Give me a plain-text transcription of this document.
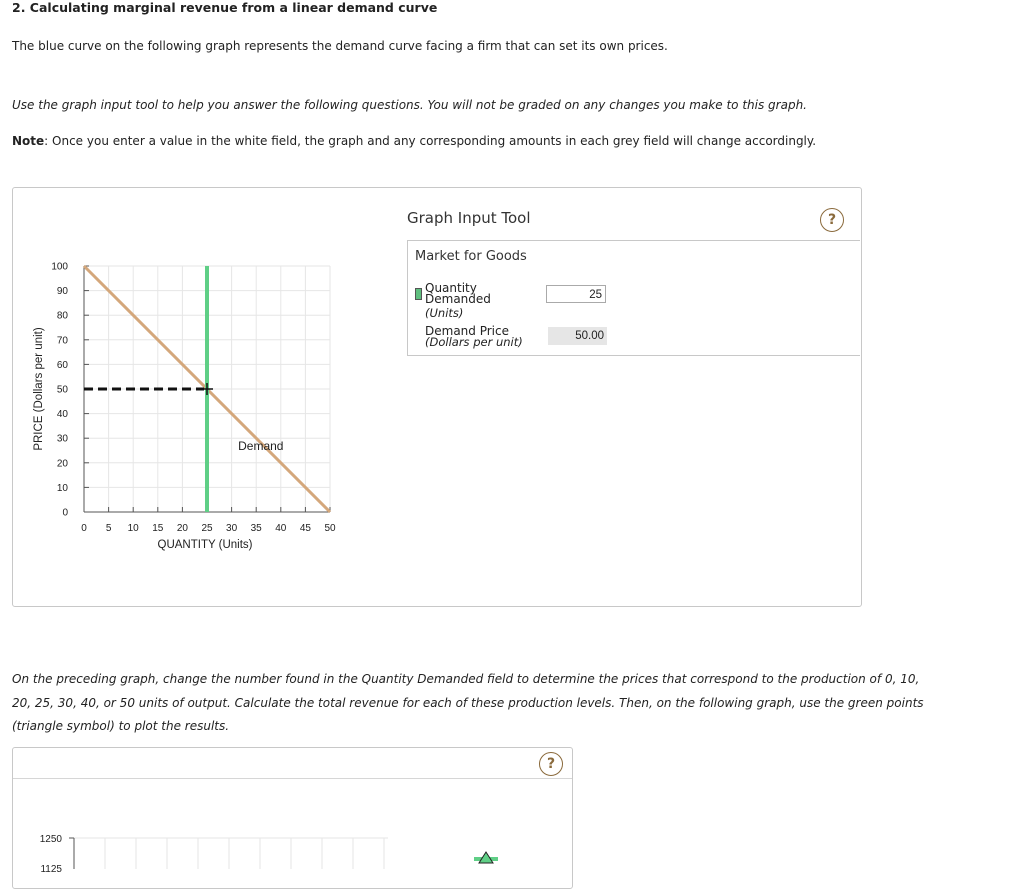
2. Calculating marginal revenue from a linear demand curve
The blue curve on the following graph represents the demand curve facing a firm that can set its own prices.
Use the graph input tool to help you answer the following questions. You will not be graded on any changes you make to this graph.
Note: Once you enter a value in the white field, the graph and any corresponding amounts in each grey field will change accordingly.
0 5 10 15 20 25 30 35 40 45 50
0
10
20
30
40
50
60
70
80
90
100
Demand
QUANTITY (Units)
PRICE (Dollars per unit)
Graph Input Tool	?
Market for Goods
Quantity Demanded
(Units)
25
Demand Price
(Dollars per unit)	50.00
On the preceding graph, change the number found in the Quantity Demanded field to determine the prices that correspond to the production of 0, 10, 20, 25, 30, 40, or 50 units of output. Calculate the total revenue for each of these production levels. Then, on the following graph, use the green points (triangle symbol) to plot the results.
?
1250
1125
